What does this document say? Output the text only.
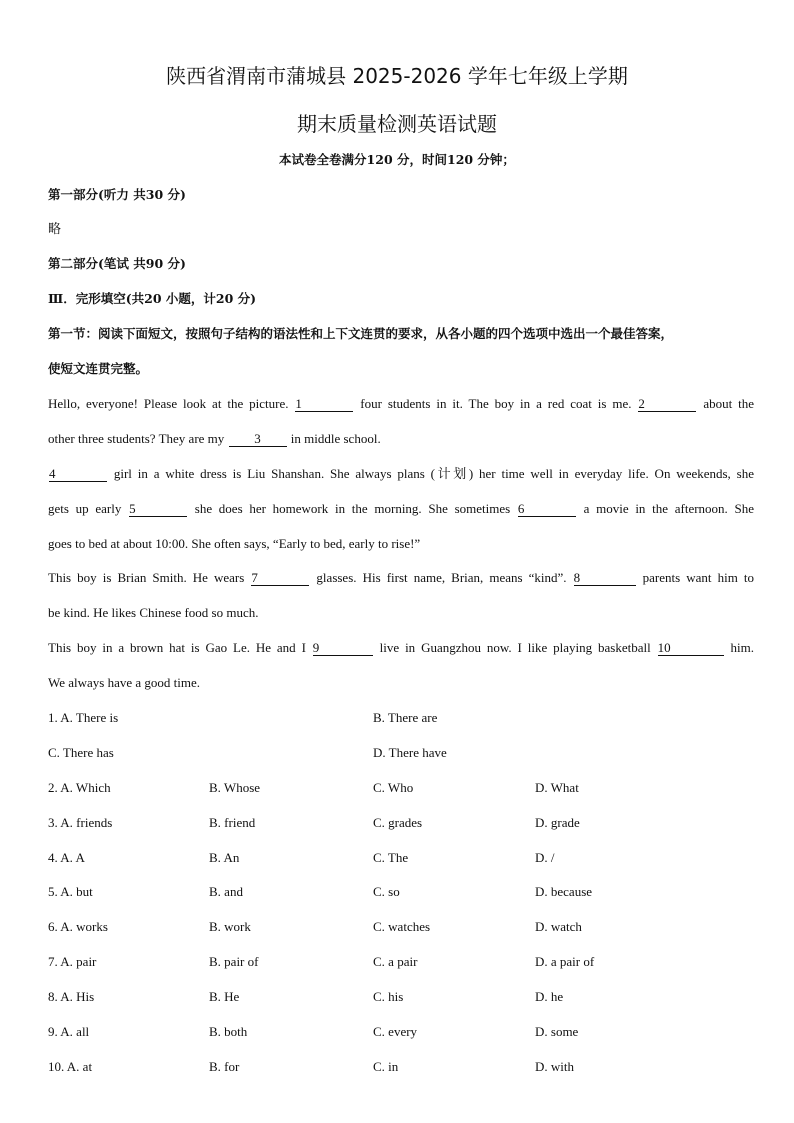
陕西省渭南市蒲城县 2025-2026 学年七年级上学期
期末质量检测英语试题
本试卷全卷满分120 分，时间120 分钟；
第一部分(听力 共30 分)
略
第二部分(笔试 共90 分)
Ⅲ．完形填空(共20 小题，计20 分)
第一节：阅读下面短文，按照句子结构的语法性和上下文连贯的要求，从各小题的四个选项中选出一个最佳答案，
使短文连贯完整。
Hello, everyone! Please look at the picture. 1	four students in it. The boy in a red coat is me. 2	about the
other three students? They are my 3 in middle school.
4	girl in a white dress is Liu Shanshan. She always plans (计划) her time well in everyday life. On weekends, she
gets up early 5	she does her homework in the morning. She sometimes 6	a movie in the afternoon. She
goes to bed at about 10:00. She often says, “Early to bed, early to rise!”
This boy is Brian Smith. He wears 7	glasses. His first name, Brian, means “kind”. 8	parents want him to
be kind. He likes Chinese food so much.
This boy in a brown hat is Gao Le. He and I 9	live in Guangzhou now. I like playing basketball 10	him.
We always have a good time.
1. A. There is	B. There are
C. There has	D. There have
2. A. Which	B. Whose	C. Who	D. What
3. A. friends	B. friend	C. grades	D. grade
4. A. A	B. An	C. The	D. /
5. A. but	B. and	C. so	D. because
6. A. works	B. work	C. watches	D. watch
7. A. pair	B. pair of	C. a pair	D. a pair of
8. A. His	B. He	C. his	D. he
9. A. all	B. both	C. every	D. some
10. A. at	B. for	C. in	D. with
